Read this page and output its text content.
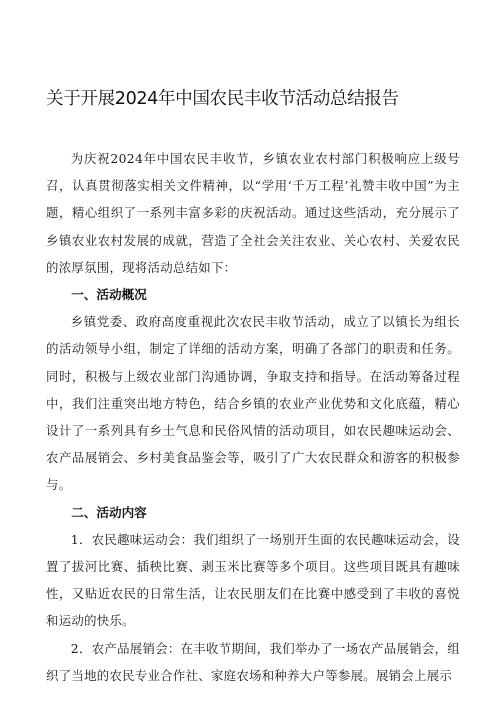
关于开展2024年中国农民丰收节活动总结报告

为庆祝2024年中国农民丰收节，乡镇农业农村部门积极响应上级号召，认真贯彻落实相关文件精神，以“学用‘千万工程’礼赞丰收中国”为主题，精心组织了一系列丰富多彩的庆祝活动。通过这些活动，充分展示了乡镇农业农村发展的成就，营造了全社会关注农业、关心农村、关爱农民的浓厚氛围，现将活动总结如下：

一、活动概况

乡镇党委、政府高度重视此次农民丰收节活动，成立了以镇长为组长的活动领导小组，制定了详细的活动方案，明确了各部门的职责和任务。同时，积极与上级农业部门沟通协调，争取支持和指导。在活动筹备过程中，我们注重突出地方特色，结合乡镇的农业产业优势和文化底蕴，精心设计了一系列具有乡土气息和民俗风情的活动项目，如农民趣味运动会、农产品展销会、乡村美食品鉴会等，吸引了广大农民群众和游客的积极参与。

二、活动内容

1．农民趣味运动会：我们组织了一场别开生面的农民趣味运动会，设置了拔河比赛、插秧比赛、剥玉米比赛等多个项目。这些项目既具有趣味性，又贴近农民的日常生活，让农民朋友们在比赛中感受到了丰收的喜悦和运动的快乐。

2．农产品展销会：在丰收节期间，我们举办了一场农产品展销会，组织了当地的农民专业合作社、家庭农场和种养大户等参展。展销会上展示
